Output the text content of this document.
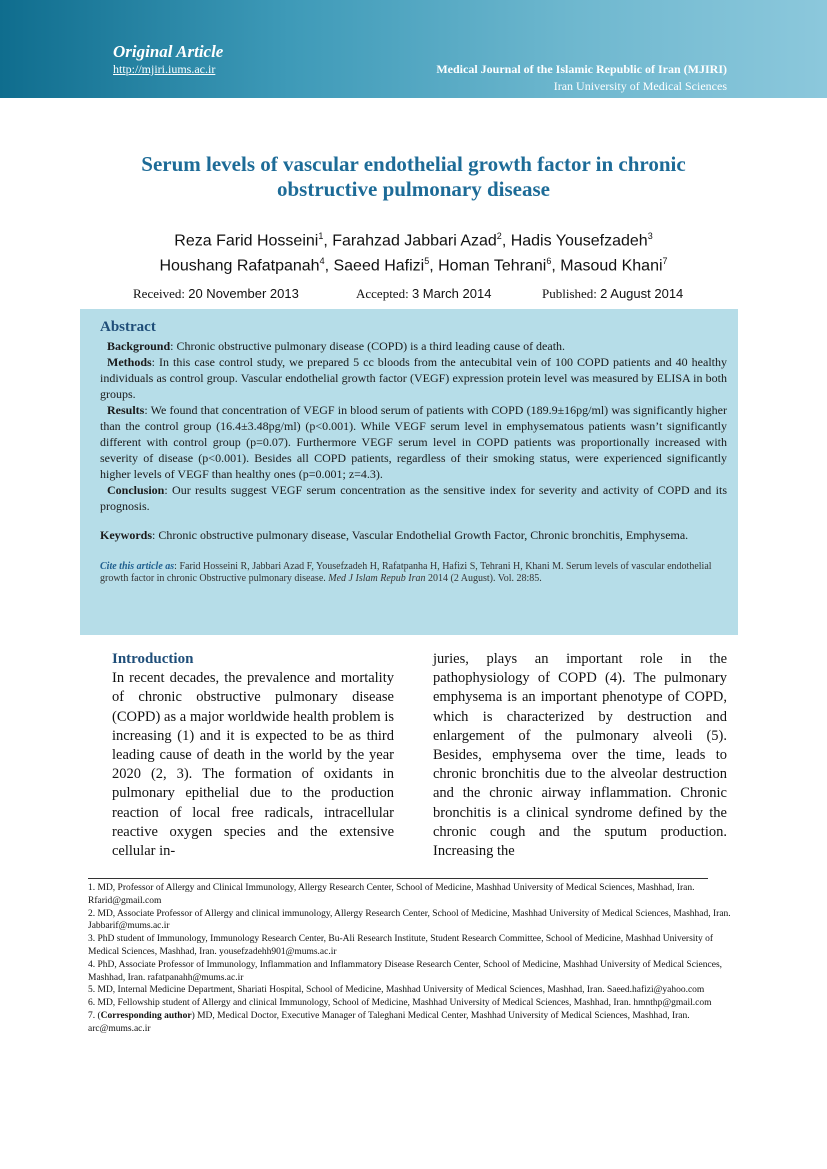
Original Article
http://mjiri.iums.ac.ir	Medical Journal of the Islamic Republic of Iran (MJIRI)
Iran University of Medical Sciences
Serum levels of vascular endothelial growth factor in chronic
obstructive pulmonary disease
Reza Farid Hosseini$^1$, Farahzad Jabbari Azad$^2$, Hadis Yousefzadeh$^3$
Houshang Rafatpanah$^4$, Saeed Hafizi$^5$, Homan Tehrani$^6$, Masoud Khani$^7$
Received: 20 November 2013	Accepted: 3 March 2014	Published: 2 August 2014
Abstract

Background: Chronic obstructive pulmonary disease (COPD) is a third leading cause of death.

Methods: In this case control study, we prepared 5 cc bloods from the antecubital vein of 100 COPD patients and 40 healthy individuals as control group. Vascular endothelial growth factor (VEGF) expression protein level was measured by ELISA in both groups.

Results: We found that concentration of VEGF in blood serum of patients with COPD (189.9±16pg/ml) was significantly higher than the control group (16.4±3.48pg/ml) (p<0.001). While VEGF serum level in emphysematous patients wasn’t significantly different with control group (p=0.07). Furthermore VEGF serum level in COPD patients was proportionally increased with severity of disease (p<0.001). Besides all COPD patients, regardless of their smoking status, were experienced significantly higher levels of VEGF than healthy ones (p=0.001; z=4.3).

Conclusion: Our results suggest VEGF serum concentration as the sensitive index for severity and activity of COPD and its prognosis.

Keywords: Chronic obstructive pulmonary disease, Vascular Endothelial Growth Factor, Chronic bronchitis, Emphysema.

Cite this article as: Farid Hosseini R, Jabbari Azad F, Yousefzadeh H, Rafatpanha H, Hafizi S, Tehrani H, Khani M. Serum levels of vascular endothelial growth factor in chronic Obstructive pulmonary disease. Med J Islam Repub Iran 2014 (2 August). Vol. 28:85.

Introduction

In recent decades, the prevalence and mortality of chronic obstructive pulmonary disease (COPD) as a major worldwide health problem is increasing (1) and it is expected to be as third leading cause of death in the world by the year 2020 (2, 3). The formation of oxidants in pulmonary epithelial due to the production reaction of local free radicals, intracellular reactive oxygen species and the extensive cellular in-

juries, plays an important role in the pathophysiology of COPD (4). The pulmonary emphysema is an important phenotype of COPD, which is characterized by destruction and enlargement of the pulmonary alveoli (5). Besides, emphysema over the time, leads to chronic bronchitis due to the alveolar destruction and the chronic airway inflammation. Chronic bronchitis is a clinical syndrome defined by the chronic cough and the sputum production. Increasing the

1. MD, Professor of Allergy and Clinical Immunology, Allergy Research Center, School of Medicine, Mashhad University of Medical Sciences, Mashhad, Iran. Rfarid@gmail.com

2. MD, Associate Professor of Allergy and clinical immunology, Allergy Research Center, School of Medicine, Mashhad University of Medical Sciences, Mashhad, Iran. Jabbarif@mums.ac.ir

3. PhD student of Immunology, Immunology Research Center, Bu-Ali Research Institute, Student Research Committee, School of Medicine, Mashhad University of Medical Sciences, Mashhad, Iran. yousefzadehh901@mums.ac.ir

4. PhD, Associate Professor of Immunology, Inflammation and Inflammatory Disease Research Center, School of Medicine, Mashhad University of Medical Sciences, Mashhad, Iran. rafatpanahh@mums.ac.ir

5. MD, Internal Medicine Department, Shariati Hospital, School of Medicine, Mashhad University of Medical Sciences, Mashhad, Iran. Saeed.hafizi@yahoo.com

6. MD, Fellowship student of Allergy and clinical Immunology, School of Medicine, Mashhad University of Medical Sciences, Mashhad, Iran. hmnthp@gmail.com

7. (Corresponding author) MD, Medical Doctor, Executive Manager of Taleghani Medical Center, Mashhad University of Medical Sciences, Mashhad, Iran. arc@mums.ac.ir
